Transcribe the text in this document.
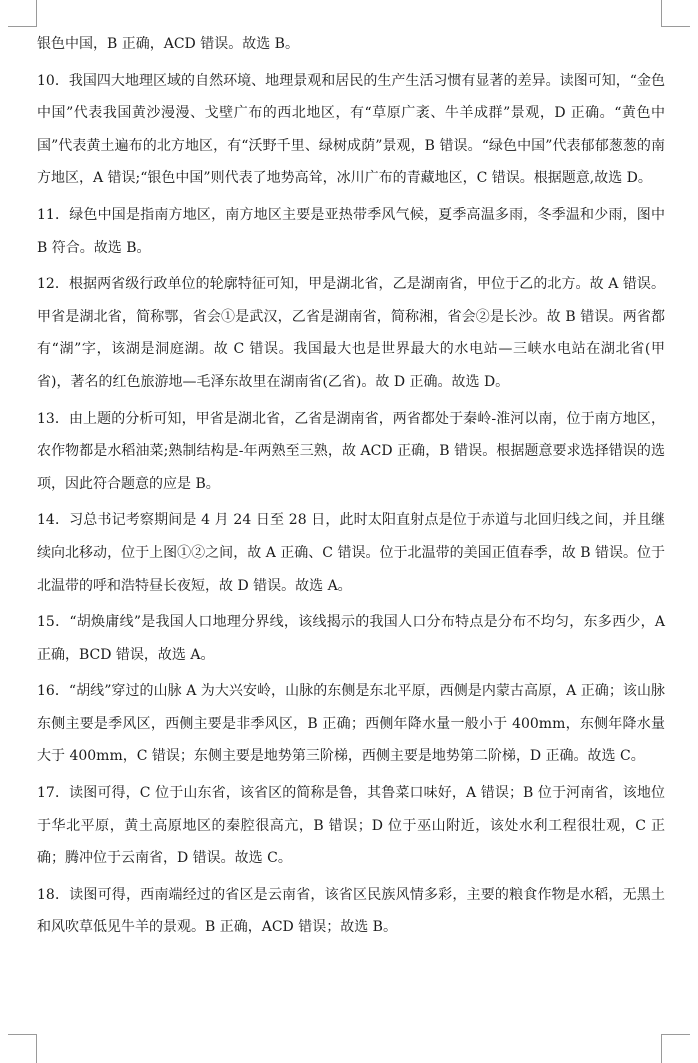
银色中国，B 正确，ACD 错误。故选 B。

10．我国四大地理区域的自然环境、地理景观和居民的生产生活习惯有显著的差异。读图可知，“金色中国”代表我国黄沙漫漫、戈壁广布的西北地区，有“草原广袤、牛羊成群”景观，D 正确。“黄色中国”代表黄土遍布的北方地区，有“沃野千里、绿树成荫”景观，B 错误。“绿色中国”代表郁郁葱葱的南方地区，A 错误;“银色中国”则代表了地势高耸，冰川广布的青藏地区，C 错误。根据题意,故选 D。

11．绿色中国是指南方地区，南方地区主要是亚热带季风气候，夏季高温多雨，冬季温和少雨，图中 B 符合。故选 B。

12．根据两省级行政单位的轮廓特征可知，甲是湖北省，乙是湖南省，甲位于乙的北方。故 A 错误。甲省是湖北省，简称鄂，省会①是武汉，乙省是湖南省，简称湘，省会②是长沙。故 B 错误。两省都有“湖”字，该湖是洞庭湖。故 C 错误。我国最大也是世界最大的水电站—三峡水电站在湖北省(甲省)，著名的红色旅游地—毛泽东故里在湖南省(乙省)。故 D 正确。故选 D。

13．由上题的分析可知，甲省是湖北省，乙省是湖南省，两省都处于秦岭-淮河以南，位于南方地区，农作物都是水稻油菜;熟制结构是-年两熟至三熟，故 ACD 正确，B 错误。根据题意要求选择错误的选项，因此符合题意的应是 B。

14．习总书记考察期间是 4 月 24 日至 28 日，此时太阳直射点是位于赤道与北回归线之间，并且继续向北移动，位于上图①②之间，故 A 正确、C 错误。位于北温带的美国正值春季，故 B 错误。位于北温带的呼和浩特昼长夜短，故 D 错误。故选 A。

15．“胡焕庸线”是我国人口地理分界线，该线揭示的我国人口分布特点是分布不均匀，东多西少，A 正确，BCD 错误，故选 A。

16．“胡线”穿过的山脉 A 为大兴安岭，山脉的东侧是东北平原，西侧是内蒙古高原，A 正确；该山脉东侧主要是季风区，西侧主要是非季风区，B 正确；西侧年降水量一般小于 400mm，东侧年降水量大于 400mm，C 错误；东侧主要是地势第三阶梯，西侧主要是地势第二阶梯，D 正确。故选 C。

17．读图可得，C 位于山东省，该省区的简称是鲁，其鲁菜口味好，A 错误；B 位于河南省，该地位于华北平原，黄土高原地区的秦腔很高亢，B 错误；D 位于巫山附近，该处水利工程很壮观，C 正确；腾冲位于云南省，D 错误。故选 C。

18．读图可得，西南端经过的省区是云南省，该省区民族风情多彩，主要的粮食作物是水稻，无黑土和风吹草低见牛羊的景观。B 正确，ACD 错误；故选 B。
